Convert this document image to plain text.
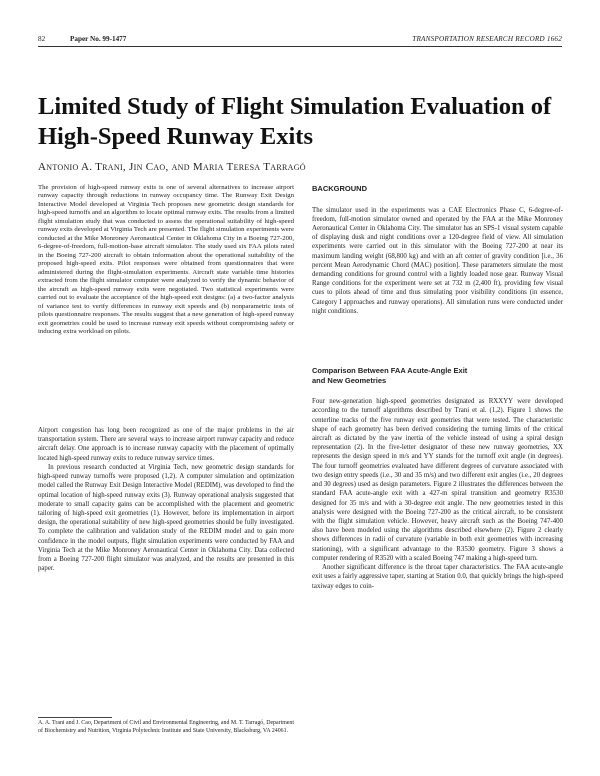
82	Paper No. 99-1477	TRANSPORTATION RESEARCH RECORD 1662
Limited Study of Flight Simulation Evaluation of High-Speed Runway Exits
Antonio A. Trani, Jin Cao, and Maria Teresa Tarragó

The provision of high-speed runway exits is one of several alternatives to increase airport runway capacity through reductions in runway occupancy time. The Runway Exit Design Interactive Model developed at Virginia Tech proposes new geometric design standards for high-speed turnoffs and an algorithm to locate optimal runway exits. The results from a limited flight simulation study that was conducted to assess the operational suitability of high-speed runway exits developed at Virginia Tech are presented. The flight simulation experiments were conducted at the Mike Monroney Aeronautical Center in Oklahoma City in a Boeing 727-200, 6-degree-of-freedom, full-motion-base aircraft simulator. The study used six FAA pilots rated in the Boeing 727-200 aircraft to obtain information about the operational suitability of the proposed high-speed exits. Pilot responses were obtained from questionnaires that were administered during the flight-simulation experiments. Aircraft state variable time histories extracted from the flight simulator computer were analyzed to verify the dynamic behavior of the aircraft as high-speed runway exits were negotiated. Two statistical experiments were carried out to evaluate the acceptance of the high-speed exit designs: (a) a two-factor analysis of variance test to verify differences in runway exit speeds and (b) nonparametric tests of pilots questionnaire responses. The results suggest that a new generation of high-speed runway exit geometries could be used to increase runway exit speeds without compromising safety or inducing extra workload on pilots.

Airport congestion has long been recognized as one of the major problems in the air transportation system. There are several ways to increase airport runway capacity and reduce aircraft delay. One approach is to increase runway capacity with the placement of optimally located high-speed runway exits to reduce runway service times.

In previous research conducted at Virginia Tech, new geometric design standards for high-speed runway turnoffs were proposed (1,2). A computer simulation and optimization model called the Runway Exit Design Interactive Model (REDIM), was developed to find the optimal location of high-speed runway exits (3). Runway operational analysis suggested that moderate to small capacity gains can be accomplished with the placement and geometric tailoring of high-speed exit geometries (1). However, before its implementation in airport design, the operational suitability of new high-speed geometries should be fully investigated. To complete the calibration and validation study of the REDIM model and to gain more confidence in the model outputs, flight simulation experiments were conducted by FAA and Virginia Tech at the Mike Monroney Aeronautical Center in Oklahoma City. Data collected from a Boeing 727-200 flight simulator was analyzed, and the results are presented in this paper.

A. A. Trani and J. Cao, Department of Civil and Environmental Engineering, and M. T. Tarragó, Department of Biochemistry and Nutrition, Virginia Polytechnic Institute and State University, Blacksburg, VA 24061.

BACKGROUND

The simulator used in the experiments was a CAE Electronics Phase C, 6-degree-of-freedom, full-motion simulator owned and operated by the FAA at the Mike Monroney Aeronautical Center in Oklahoma City. The simulator has an SPS-1 visual system capable of displaying dusk and night conditions over a 120-degree field of view. All simulation experiments were carried out in this simulator with the Boeing 727-200 at near its maximum landing weight (68,800 kg) and with an aft center of gravity condition [i.e., 36 percent Mean Aerodynamic Chord (MAC) position]. These parameters simulate the most demanding conditions for ground control with a lightly loaded nose gear. Runway Visual Range conditions for the experiment were set at 732 m (2,400 ft), providing few visual cues to pilots ahead of time and thus simulating poor visibility conditions (in essence, Category I approaches and runway operations). All simulation runs were conducted under night conditions.

Comparison Between FAA Acute-Angle Exit
and New Geometries

Four new-generation high-speed geometries designated as RXXYY were developed according to the turnoff algorithms described by Trani et al. (1,2). Figure 1 shows the centerline tracks of the five runway exit geometries that were tested. The characteristic shape of each geometry has been derived considering the turning limits of the critical aircraft as dictated by the yaw inertia of the vehicle instead of using a spiral design representation (2). In the five-letter designator of these new runway geometries, XX represents the design speed in m/s and YY stands for the turnoff exit angle (in degrees). The four turnoff geometries evaluated have different degrees of curvature associated with two design entry speeds (i.e., 30 and 35 m/s) and two different exit angles (i.e., 20 degrees and 30 degrees) used as design parameters. Figure 2 illustrates the differences between the standard FAA acute-angle exit with a 427-m spiral transition and geometry R3530 designed for 35 m/s and with a 30-degree exit angle. The new geometries tested in this analysis were designed with the Boeing 727-200 as the critical aircraft, to be consistent with the flight simulation vehicle. However, heavy aircraft such as the Boeing 747-400 also have been modeled using the algorithms described elsewhere (2). Figure 2 clearly shows differences in radii of curvature (variable in both exit geometries with increasing stationing), with a significant advantage to the R3530 geometry. Figure 3 shows a computer rendering of R3520 with a scaled Boeing 747 making a high-speed turn.

Another significant difference is the throat taper characteristics. The FAA acute-angle exit uses a fairly aggressive taper, starting at Station 0.0, that quickly brings the high-speed taxiway edges to coin-
